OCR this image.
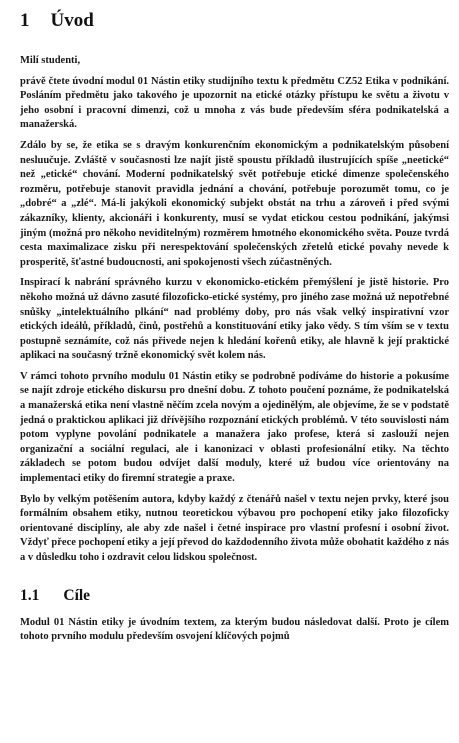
1 Úvod

Milí studenti,

právě čtete úvodní modul 01 Nástin etiky studijního textu k předmětu CZ52 Etika v podnikání. Posláním předmětu jako takového je upozornit na etické otázky přístupu ke světu a životu v jeho osobní i pracovní dimenzi, což u mnoha z vás bude především sféra podnikatelská a manažerská.

Zdálo by se, že etika se s dravým konkurenčním ekonomickým a podnikatelským působení nesluučuje. Zvláště v současnosti lze najít jistě spoustu příkladů ilustrujících spíše „neetické“ než „etické“ chování. Moderní podnikatelský svět potřebuje etické dimenze společenského rozměru, potřebuje stanovit pravidla jednání a chování, potřebuje porozumět tomu, co je „dobré“ a „zlé“. Má-li jakýkoli ekonomický subjekt obstát na trhu a zároveň i před svými zákazníky, klienty, akcionáři i konkurenty, musí se vydat etickou cestou podnikání, jakýmsi jiným (možná pro někoho neviditelným) rozměrem hmotného ekonomického světa. Pouze tvrdá cesta maximalizace zisku při nerespektování společenských zřetelů etické povahy nevede k prosperitě, šťastné budoucnosti, ani spokojenosti všech zúčastněných.

Inspirací k nabrání správného kurzu v ekonomicko-etickém přemýšlení je jistě historie. Pro někoho možná už dávno zasuté filozoficko-etické systémy, pro jiného zase možná už nepotřebné snůšky „intelektuálního plkání“ nad problémy doby, pro nás však velký inspirativní vzor etických ideálů, příkladů, činů, postřehů a konstituování etiky jako vědy. S tím vším se v textu postupně seznámíte, což nás přivede nejen k hledání kořenů etiky, ale hlavně k její praktické aplikaci na současný tržně ekonomický svět kolem nás.

V rámci tohoto prvního modulu 01 Nástin etiky se podrobně podíváme do historie a pokusíme se najít zdroje etického diskursu pro dnešní dobu. Z tohoto poučení poznáme, že podnikatelská a manažerská etika není vlastně něčím zcela novým a ojedinělým, ale objevíme, že se v podstatě jedná o praktickou aplikaci již dřívějšího rozpoznání etických problémů. V této souvislosti nám potom vyplyne povolání podnikatele a manažera jako profese, která si zaslouží nejen organizační a sociální regulaci, ale i kanonizaci v oblasti profesionální etiky. Na těchto základech se potom budou odvíjet další moduly, které už budou více orientovány na implementaci etiky do firemní strategie a praxe.

Bylo by velkým potěšením autora, kdyby každý z čtenářů našel v textu nejen prvky, které jsou formálním obsahem etiky, nutnou teoretickou výbavou pro pochopení etiky jako filozoficky orientované disciplíny, ale aby zde našel i četné inspirace pro vlastní profesní i osobní život. Vždyť přece pochopení etiky a její převod do každodenního života může obohatit každého z nás a v důsledku toho i ozdravit celou lidskou společnost.

1.1 Cíle

Modul 01 Nástin etiky je úvodním textem, za kterým budou následovat další. Proto je cílem tohoto prvního modulu především osvojení klíčových pojmů
